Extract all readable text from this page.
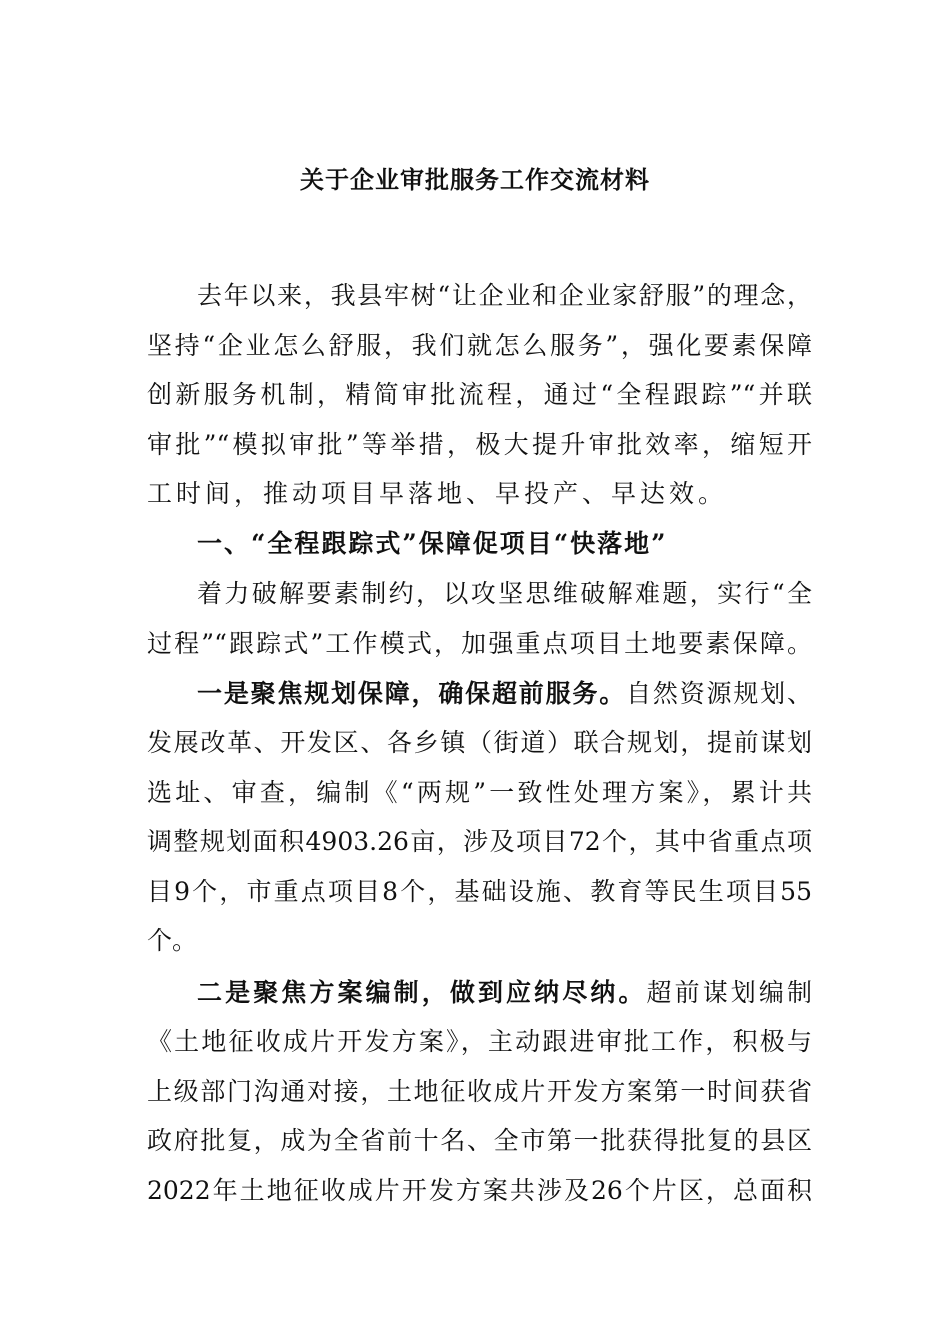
关于企业审批服务工作交流材料
去年以来，我县牢树“让企业和企业家舒服”的理念，
坚持“企业怎么舒服，我们就怎么服务”，强化要素保障
创新服务机制，精简审批流程，通过“全程跟踪”“并联
审批”“模拟审批”等举措，极大提升审批效率，缩短开
工时间，推动项目早落地、早投产、早达效。
一、“全程跟踪式”保障促项目“快落地”
着力破解要素制约，以攻坚思维破解难题，实行“全
过程”“跟踪式”工作模式，加强重点项目土地要素保障。
一是聚焦规划保障，确保超前服务。自然资源规划、
发展改革、开发区、各乡镇（街道）联合规划，提前谋划
选址、审查，编制《“两规”一致性处理方案》，累计共
调整规划面积4903.26亩，涉及项目72个，其中省重点项
目9个，市重点项目8个，基础设施、教育等民生项目55
个。
二是聚焦方案编制，做到应纳尽纳。超前谋划编制
《土地征收成片开发方案》，主动跟进审批工作，积极与
上级部门沟通对接，土地征收成片开发方案第一时间获省
政府批复，成为全省前十名、全市第一批获得批复的县区
2022年土地征收成片开发方案共涉及26个片区，总面积
